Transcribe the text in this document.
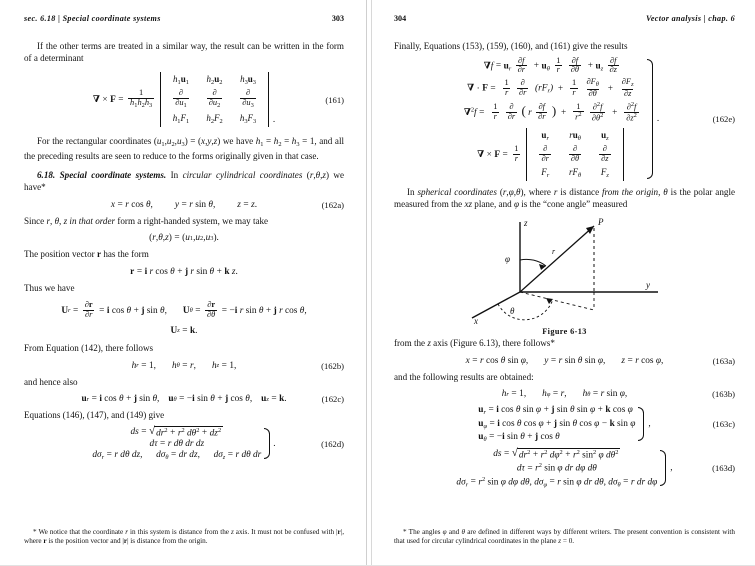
sec. 6.18 | Special coordinate systems	303

If the other terms are treated in a similar way, the result can be written in the form of a determinant

∇ × $F = \frac{1}{h_1h_2h_3}$
$h_1u_1$	$h_2u_2$	$h_3u_3$

$\frac{\partial}{\partial u_1}$	$\frac{\partial}{\partial u_2}$	$\frac{\partial}{\partial u_3}$

$h_1F_1$	$h_2F_2$	$h_3F_3$ .
(161)

For the rectangular coordinates $(u_1,u_2,u_3) = (x,y,z)$ we have $h_1 = h_2 = h_3 = 1$, and all the preceding results are seen to reduce to the forms originally given in that case.

6.18. Special coordinate systems. In circular cylindrical coordinates (r,θ,z) we have*

x = r cos θ , y = r sin θ , z = z .	(162a)

Since r, θ, z in that order form a right-handed system, we may take

( r , θ , z ) = ( u 1 , u 2 , u 3 ).

The position vector r has the form

r = i
r cos θ + j
r sin θ + k
z .

Thus we have

U $r = \frac{\partial r}{\partial r} = i$ cos θ + j sin θ , U $\theta = \frac{\partial r}{\partial\theta}$ = − i
r sin θ + j
r cos θ ,
U z = k .

From Equation (142), there follows

h r = 1, h θ = r , h z = 1,	(162b)

and hence also

u r = i cos θ + j sin θ , u θ = − i sin θ + j cos θ , u z = k .	(162c)

Equations (146), (147), and (149) give

ds = √ $dr^2 + r^2$ $d\theta^2 + dz^2$
dτ = r dθ dr dz
$d\sigma_r = r$ dθ dz,  $d\sigma_\theta$ = dr dz,  $d\sigma_z = r$ dθ dr
.	(162d)

* We notice that the coordinate r in this system is distance from the z axis. It must not be confused with |r|, where r is the position vector and |r| is distance from the origin.

304	Vector analysis | chap. 6

Finally, Equations (153), (159), (160), and (161) give the results

$\nabla f = u_r \frac{\partial f}{\partial r} + u_\theta \frac{1}{r}$
$\frac{\partial f}{\partial\theta} + u_z \frac{\partial f}{\partial z}$
∇ · $F = \frac{1}{r}$
$\frac{\partial}{\partial r} (rF_r) + \frac{1}{r}$
$\frac{\partial F_\theta}{\partial\theta} + \frac{\partial F_z}{\partial z}$
$\nabla^2f = \frac{1}{r}$
$\frac{\partial}{\partial r}$ ( r $\frac{\partial f}{\partial r}$ ) + $\frac{1}{r^2}$
$\frac{\partial^2f}{\partial\theta^2} + \frac{\partial^2f}{\partial z^2}$
∇ × $F = \frac{1}{r}$
$u_r$	$ru_\theta$	$u_z$

$\frac{\partial}{\partial r}$	$\frac{\partial}{\partial\theta}$	$\frac{\partial}{\partial z}$

$F_r$	$rF_\theta$	$F_z$
.	(162e)

In spherical coordinates (r,φ,θ), where r is distance from the origin, θ is the polar angle measured from the xz plane, and φ is the “cone angle” measured

z
y
x
P
r
φ
θ
Figure 6-13

from the z axis (Figure 6.13), there follows*

x = r cos θ sin φ , y = r sin θ sin φ , z = r cos φ ,	(163a)

and the following results are obtained:

h r = 1, h φ = r , h θ = r sin φ ,	(163b)
$u_r = i$ cos θ sin φ + j sin θ sin φ + k cos φ
$u_\varphi = i$ cos θ cos φ + j sin θ cos φ − k sin φ
$u_\theta = -i$ sin θ + j cos θ
,	(163c)
ds = √ $dr^2 + r^2$ $d\varphi^2 + r^2$ $\sin^2 \varphi$ $d\theta^2$
$d\tau = r^2$ sin φ dr dφ dθ
$d\sigma_r = r^2$ sin φ dφ dθ, $d\sigma_\varphi = r$ sin φ dr dθ, $d\sigma_\theta = r$ dr dφ
,	(163d)

* The angles φ and θ are defined in different ways by different writers. The present convention is consistent with that used for circular cylindrical coordinates in the plane z = 0.
